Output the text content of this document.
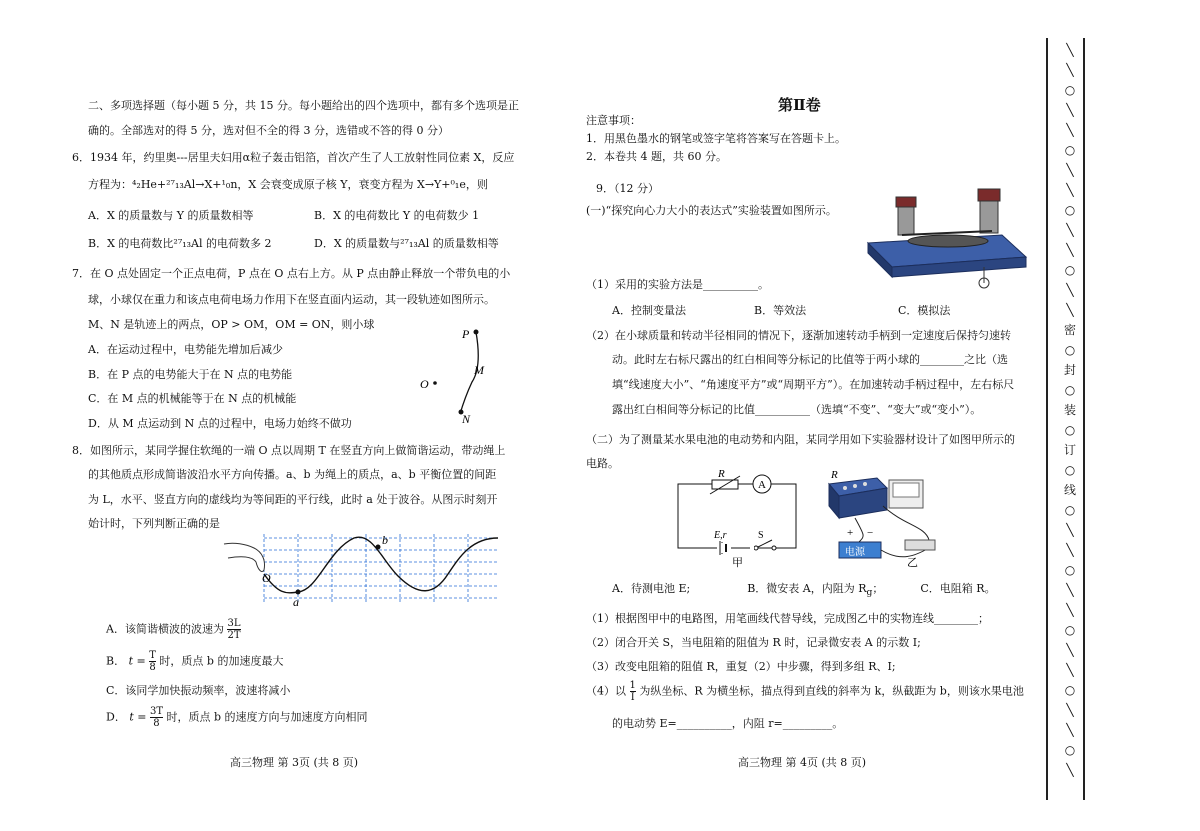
二、多项选择题（每小题 5 分，共 15 分。每小题给出的四个选项中，都有多个选项是正
确的。全部选对的得 5 分，选对但不全的得 3 分，选错或不答的得 0 分）
6．1934 年，约里奥---居里夫妇用α粒子轰击铝箔，首次产生了人工放射性同位素 X，反应
方程为：⁴₂He+²⁷₁₃Al→X+¹₀n，X 会衰变成原子核 Y，衰变方程为 X→Y+⁰₁e，则
A．X 的质量数与 Y 的质量数相等	B．X 的电荷数比 Y 的电荷数少 1
B．X 的电荷数比²⁷₁₃Al 的电荷数多 2	D．X 的质量数与²⁷₁₃Al 的质量数相等
7．在 O 点处固定一个正点电荷，P 点在 O 点右上方。从 P 点由静止释放一个带负电的小
球，小球仅在重力和该点电荷电场力作用下在竖直面内运动，其一段轨迹如图所示。
M、N 是轨迹上的两点，OP > OM，OM = ON，则小球
A．在运动过程中，电势能先增加后减少
B．在 P 点的电势能大于在 N 点的电势能
C．在 M 点的机械能等于在 N 点的机械能
D．从 M 点运动到 N 点的过程中，电场力始终不做功
P
M
O
N
8．如图所示，某同学握住软绳的一端 O 点以周期 T 在竖直方向上做简谐运动，带动绳上
的其他质点形成简谐波沿水平方向传播。a、b 为绳上的质点，a、b 平衡位置的间距
为 L，水平、竖直方向的虚线均为等间距的平行线，此时 a 处于波谷。从图示时刻开
始计时，下列判断正确的是
O
a
b
A．该简谐横波的波速为 $\frac{3L}{2T}$
B． $t = \frac{T}{8}$ 时，质点 b 的加速度最大
C．该同学加快振动频率，波速将减小
D． $t = \frac{3T}{8}$ 时，质点 b 的速度方向与加速度方向相同
高三物理 第 3页 (共 8 页)
第Ⅱ卷
注意事项：
1．用黑色墨水的钢笔或签字笔将答案写在答题卡上。
2．本卷共 4 题，共 60 分。
9．（12 分）
(一)“探究向心力大小的表达式”实验装置如图所示。
（1）采用的实验方法是__________。
A．控制变量法	B．等效法	C．模拟法
（2）在小球质量和转动半径相同的情况下，逐渐加速转动手柄到一定速度后保持匀速转
动。此时左右标尺露出的红白相间等分标记的比值等于两小球的________之比（选
填“线速度大小”、“角速度平方”或“周期平方”）。在加速转动手柄过程中，左右标尺
露出红白相间等分标记的比值__________（选填“不变”、“变大”或“变小”）。
（二）为了测量某水果电池的电动势和内阻，某同学用如下实验器材设计了如图甲所示的
电路。
R
A
E,r	S
甲
R
+ −
电源
乙
A．待测电池 E;	B．微安表 A，内阻为 $R_g$；	C．电阻箱 R。
（1）根据图甲中的电路图，用笔画线代替导线，完成图乙中的实物连线________；
（2）闭合开关 S，当电阻箱的阻值为 R 时，记录微安表 A 的示数 I;
（3）改变电阻箱的阻值 R，重复（2）中步骤，得到多组 R、I;
（4）以 $\frac{1}{I}$ 为纵坐标、R 为横坐标，描点得到直线的斜率为 k，纵截距为 b，则该水果电池
的电动势 E=__________，内阻 r=_________。
高三物理 第 4页 (共 8 页)
╲
╲
○
╲
╲
○
╲
╲
○
╲
╲
○
╲
╲
密
○
封
○
装
○
订
○
线
○
╲
╲
○
╲
╲
○
╲
╲
○
╲
╲
○
╲
